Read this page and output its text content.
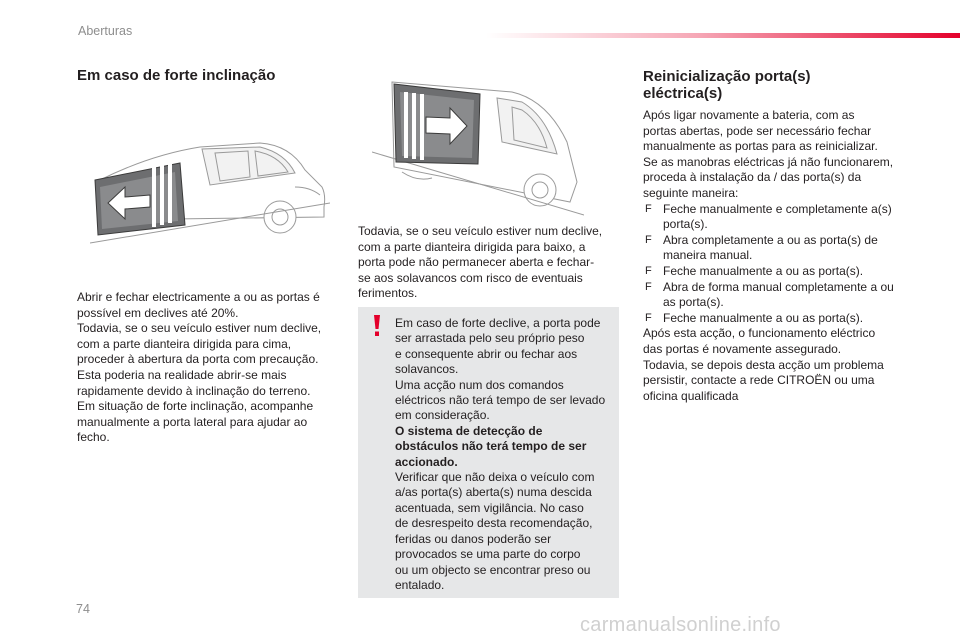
Aberturas
Em caso de forte inclinação
Abrir e fechar electricamente a ou as portas é
possível em declives até 20%.
Todavia, se o seu veículo estiver num declive,
com a parte dianteira dirigida para cima,
proceder à abertura da porta com precaução.
Esta poderia na realidade abrir-se mais
rapidamente devido à inclinação do terreno.
Em situação de forte inclinação, acompanhe
manualmente a porta lateral para ajudar ao
fecho.
Todavia, se o seu veículo estiver num declive,
com a parte dianteira dirigida para baixo, a
porta pode não permanecer aberta e fechar-
se aos solavancos com risco de eventuais
ferimentos.
Em caso de forte declive, a porta pode
ser arrastada pelo seu próprio peso
e consequente abrir ou fechar aos
solavancos.
Uma acção num dos comandos
eléctricos não terá tempo de ser levado
em consideração.
O sistema de detecção de
obstáculos não terá tempo de ser
accionado.
Verificar que não deixa o veículo com
a/as porta(s) aberta(s) numa descida
acentuada, sem vigilância. No caso
de desrespeito desta recomendação,
feridas ou danos poderão ser
provocados se uma parte do corpo
ou um objecto se encontrar preso ou
entalado.
Reinicialização porta(s)
eléctrica(s)
Após ligar novamente a bateria, com as
portas abertas, pode ser necessário fechar
manualmente as portas para as reinicializar.
Se as manobras eléctricas já não funcionarem,
proceda à instalação da / das porta(s) da
seguinte maneira:
F Feche manualmente e completamente a(s)
porta(s).
F Abra completamente a ou as porta(s) de
maneira manual.
F Feche manualmente a ou as porta(s).
F Abra de forma manual completamente a ou
as porta(s).
F Feche manualmente a ou as porta(s).
Após esta acção, o funcionamento eléctrico
das portas é novamente assegurado.
Todavia, se depois desta acção um problema
persistir, contacte a rede CITROËN ou uma
oficina qualificada
74
carmanualsonline.info
